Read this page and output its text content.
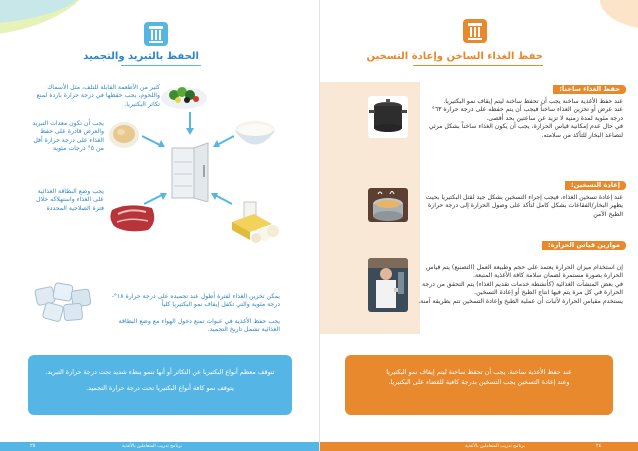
الحفظ بالتبريد والتجميد

كثير من الأطعمة القابلة للتلف، مثل الأسماك واللحوم، يجب حفظها في درجة حرارة باردة لمنع تكاثر البكتيريا.

يجب أن تكون معدات التبريد والعرض قادرة على حفظ الغذاء على درجة حرارة أقل من ٥° درجات مئوية

يجب وضع البطاقة الغذائية على الغذاء واستهلاكه خلال فترة الصلاحية المحددة

يمكن تخزين الغذاء لفترة أطول عند تجميده على درجة حرارة ١٨°- درجة مئوية والتي تكفل إيقاف نمو البكتيريا كلياً

يجب حفظ الأغذية في عبوات تمنع دخول الهواء مع وضع البطاقة الغذائية تشمل تاريخ التجميد.

تتوقف معظم أنواع البكتيريا عن التكاثر أو أنها تنمو ببطء شديد تحت درجة حرارة التبريد.

يتوقف نمو كافة أنواع البكتيريا تحت درجة حرارة التجميد.

٢٥	برنامج تدريب المتعاملين بالأغذية
حفظ الغذاء الساخن وإعادة التسخين
حفظ الغذاء ساخناً:

عند حفظ الأغذية ساخنة يجب أن تحفظ ساخنة ليتم إيقاف نمو البكتيريا.
عند عرض أو تخزين الغذاء ساخناً فيجب أن يتم حفظه على درجة حرارة ٦٣° درجة مئوية لمدة زمنية لا تزيد عن ساعتين بحد أقصى.
في حال عدم إمكانية قياس الحرارة، يجب أن يكون الغذاء ساخناً بشكل مرئي لتصاعد البخار للتأكد من سلامته.

إعادة التسخين:

عند إعادة تسخين الغذاء، فيجب إجراء التسخين بشكل جيد لقتل البكتيريا بحيث يظهر البخار/الفقاعات بشكل كامل لتأكد على وصول الحرارة إلى درجة حرارة الطبخ الآمن

موازين قياس الحرارة:

إن استخدام ميزان الحرارة يعتمد على حجم وطبيعة العمل (التصنيع) يتم قياس الحرارة بصورة مستمرة لضمان سلامة كافة الأغذية المتبعة.
في بعض المنشآت الغذائية (كأنشطة خدمات تقديم الغذاء) يتم التحقق من درجة الحرارة في كل مرة يتم فيها انتاج الطبخ أو إعادة التسخين.
يستخدم مقياس الحرارة لأثبات أن عملية الطبخ وإعادة التسخين تتم بطريقة آمنة.

عند حفظ الأغذية ساخنة، يجب أن تحفظ ساخنة ليتم إيقاف نمو البكتيريا

وعند إعادة التسخين يجب التسخين بدرجة كافية للقضاء على البكتيريا.

برنامج تدريب المتعاملين بالأغذية	٢٤
